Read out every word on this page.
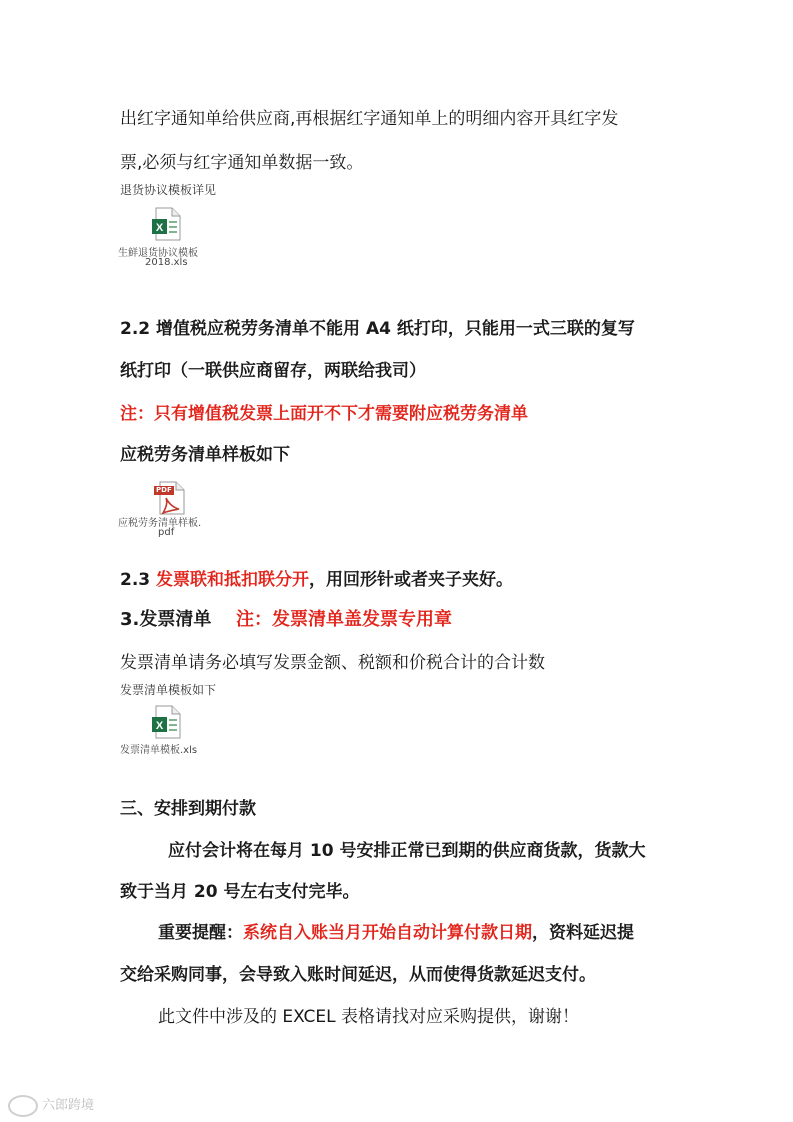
出红字通知单给供应商,再根据红字通知单上的明细内容开具红字发
票,必须与红字通知单数据一致。
退货协议模板详见
X
生鲜退货协议模板
2018.xls
2.2 增值税应税劳务清单不能用 A4 纸打印，只能用一式三联的复写
纸打印（一联供应商留存，两联给我司）
注：只有增值税发票上面开不下才需要附应税劳务清单
应税劳务清单样板如下
PDF
应税劳务清单样板.
pdf
2.3 发票联和抵扣联分开，用回形针或者夹子夹好。
3.发票清单 注：发票清单盖发票专用章
发票清单请务必填写发票金额、税额和价税合计的合计数
发票清单模板如下
X
发票清单模板.xls
三、安排到期付款
应付会计将在每月 10 号安排正常已到期的供应商货款，货款大
致于当月 20 号左右支付完毕。
重要提醒：系统自入账当月开始自动计算付款日期，资料延迟提
交给采购同事，会导致入账时间延迟，从而使得货款延迟支付。
此文件中涉及的 EXCEL 表格请找对应采购提供，谢谢！
六郎跨境
